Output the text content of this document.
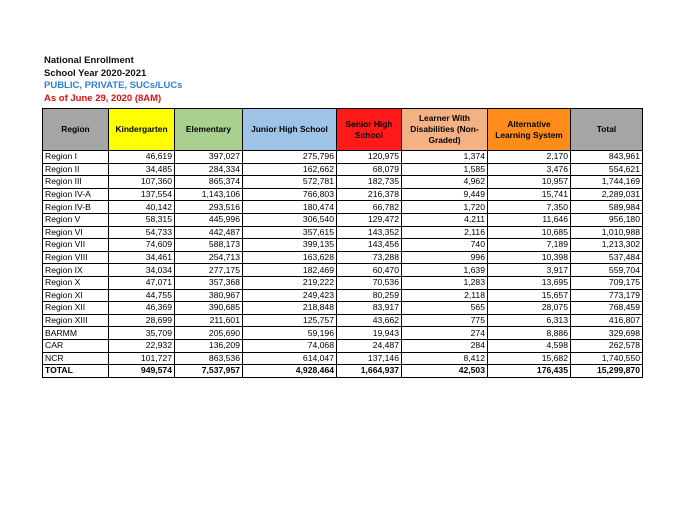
National Enrollment
School Year 2020-2021
PUBLIC, PRIVATE, SUCs/LUCs
As of June 29, 2020 (8AM)
Region	Kindergarten	Elementary	Junior High School	Senior High School	Learner With Disabilities (Non-Graded)	Alternative Learning System	Total
Region I	46,619	397,027	275,796	120,975	1,374	2,170	843,961
Region II	34,485	284,334	162,662	68,079	1,585	3,476	554,621
Region III	107,360	865,374	572,781	182,735	4,962	10,957	1,744,169
Region IV-A	137,554	1,143,106	766,803	216,378	9,449	15,741	2,289,031
Region IV-B	40,142	293,516	180,474	66,782	1,720	7,350	589,984
Region V	58,315	445,996	306,540	129,472	4,211	11,646	956,180
Region VI	54,733	442,487	357,615	143,352	2,116	10,685	1,010,988
Region VII	74,609	588,173	399,135	143,456	740	7,189	1,213,302
Region VIII	34,461	254,713	163,628	73,288	996	10,398	537,484
Region IX	34,034	277,175	182,469	60,470	1,639	3,917	559,704
Region X	47,071	357,368	219,222	70,536	1,283	13,695	709,175
Region XI	44,755	380,967	249,423	80,259	2,118	15,657	773,179
Region XII	46,369	390,685	218,848	83,917	565	28,075	768,459
Region XIII	28,699	211,601	125,757	43,662	775	6,313	416,807
BARMM	35,709	205,690	59,196	19,943	274	8,886	329,698
CAR	22,932	136,209	74,068	24,487	284	4,598	262,578
NCR	101,727	863,536	614,047	137,146	8,412	15,682	1,740,550
TOTAL	949,574	7,537,957	4,928,464	1,664,937	42,503	176,435	15,299,870
